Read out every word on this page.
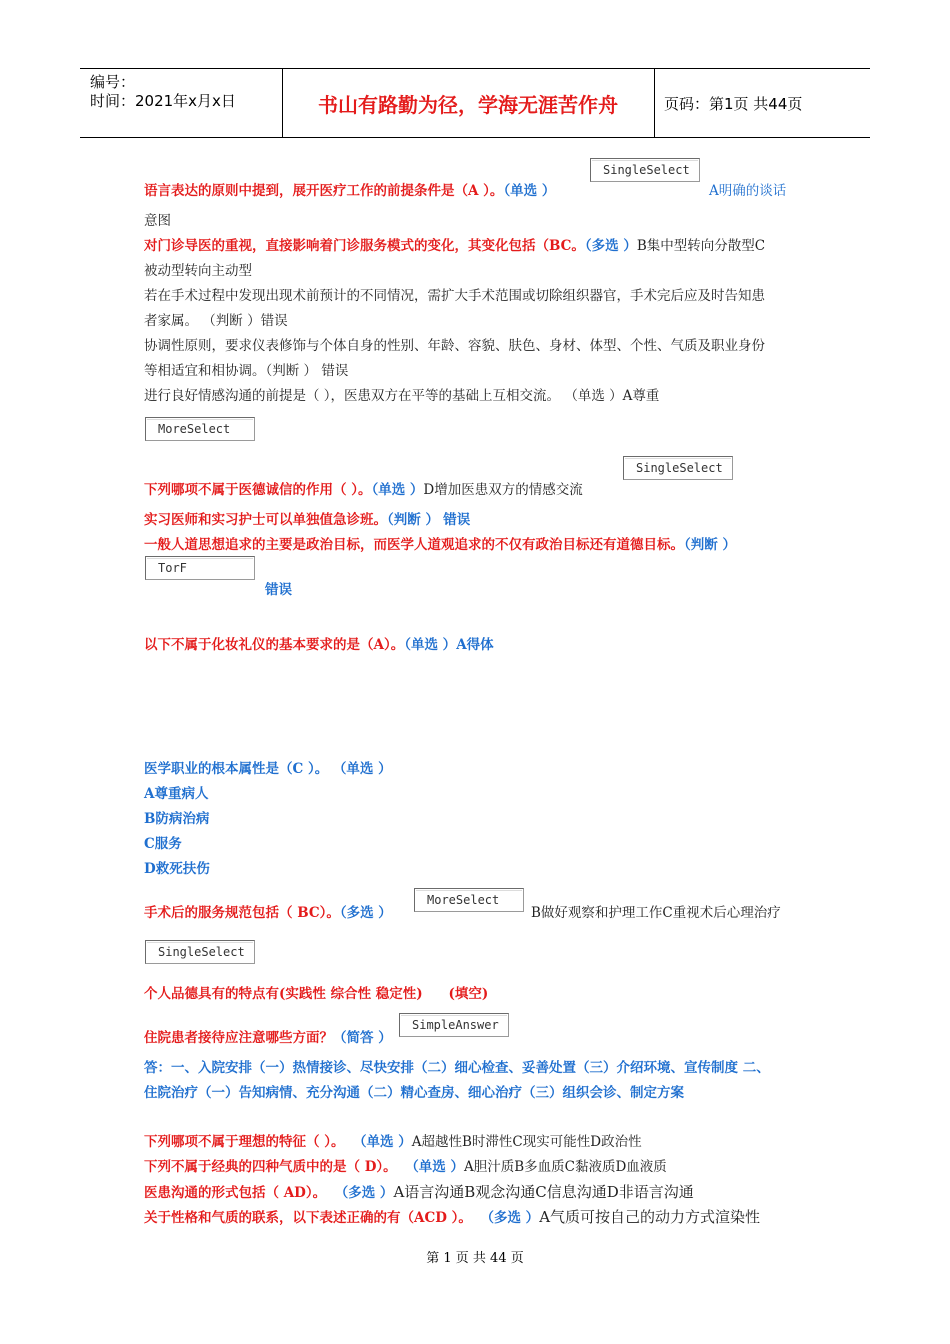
编号：
时间：2021年x月x日	书山有路勤为径，学海无涯苦作舟	页码：第1页 共44页
SingleSelect
MoreSelect
SingleSelect
TorF
MoreSelect
SingleSelect
SimpleAnswer
语言表达的原则中提到，展开医疗工作的前提条件是（A ）。（单选 ）	A明确的谈话
意图
对门诊导医的重视，直接影响着门诊服务模式的变化，其变化包括（BC。（多选 ）B集中型转向分散型C
被动型转向主动型
若在手术过程中发现出现术前预计的不同情况，需扩大手术范围或切除组织器官，手术完后应及时告知患
者家属。 （判断 ）错误
协调性原则，要求仪表修饰与个体自身的性别、年龄、容貌、肤色、身材、体型、个性、气质及职业身份
等相适宜和相协调。（判断 ） 错误
进行良好情感沟通的前提是（ ），医患双方在平等的基础上互相交流。 （单选 ）A尊重
下列哪项不属于医德诚信的作用（ ）。（单选 ）D增加医患双方的情感交流
实习医师和实习护士可以单独值急诊班。（判断 ） 错误
一般人道思想追求的主要是政治目标，而医学人道观追求的不仅有政治目标还有道德目标。（判断 ）
错误
以下不属于化妆礼仪的基本要求的是（A）。（单选 ）A得体
医学职业的根本属性是（C ）。 （单选 ）
A尊重病人
B防病治病
C服务
D救死扶伤
手术后的服务规范包括（ BC）。（多选 ）	B做好观察和护理工作C重视术后心理治疗
个人品德具有的特点有(实践性 综合性 稳定性) (填空)
住院患者接待应注意哪些方面？（简答 ）
答：一、入院安排（一）热情接诊、尽快安排（二）细心检查、妥善处置（三）介绍环境、宣传制度 二、
住院治疗（一）告知病情、充分沟通（二）精心查房、细心治疗（三）组织会诊、制定方案
下列哪项不属于理想的特征（ ）。 （单选 ）A超越性B时滞性C现实可能性D政治性
下列不属于经典的四种气质中的是（ D）。 （单选 ）A胆汁质B多血质C黏液质D血液质
医患沟通的形式包括（ AD）。 （多选 ）A语言沟通B观念沟通C信息沟通D非语言沟通
关于性格和气质的联系，以下表述正确的有（ACD ）。 （多选 ）A气质可按自己的动力方式渲染性
第 1 页 共 44 页
